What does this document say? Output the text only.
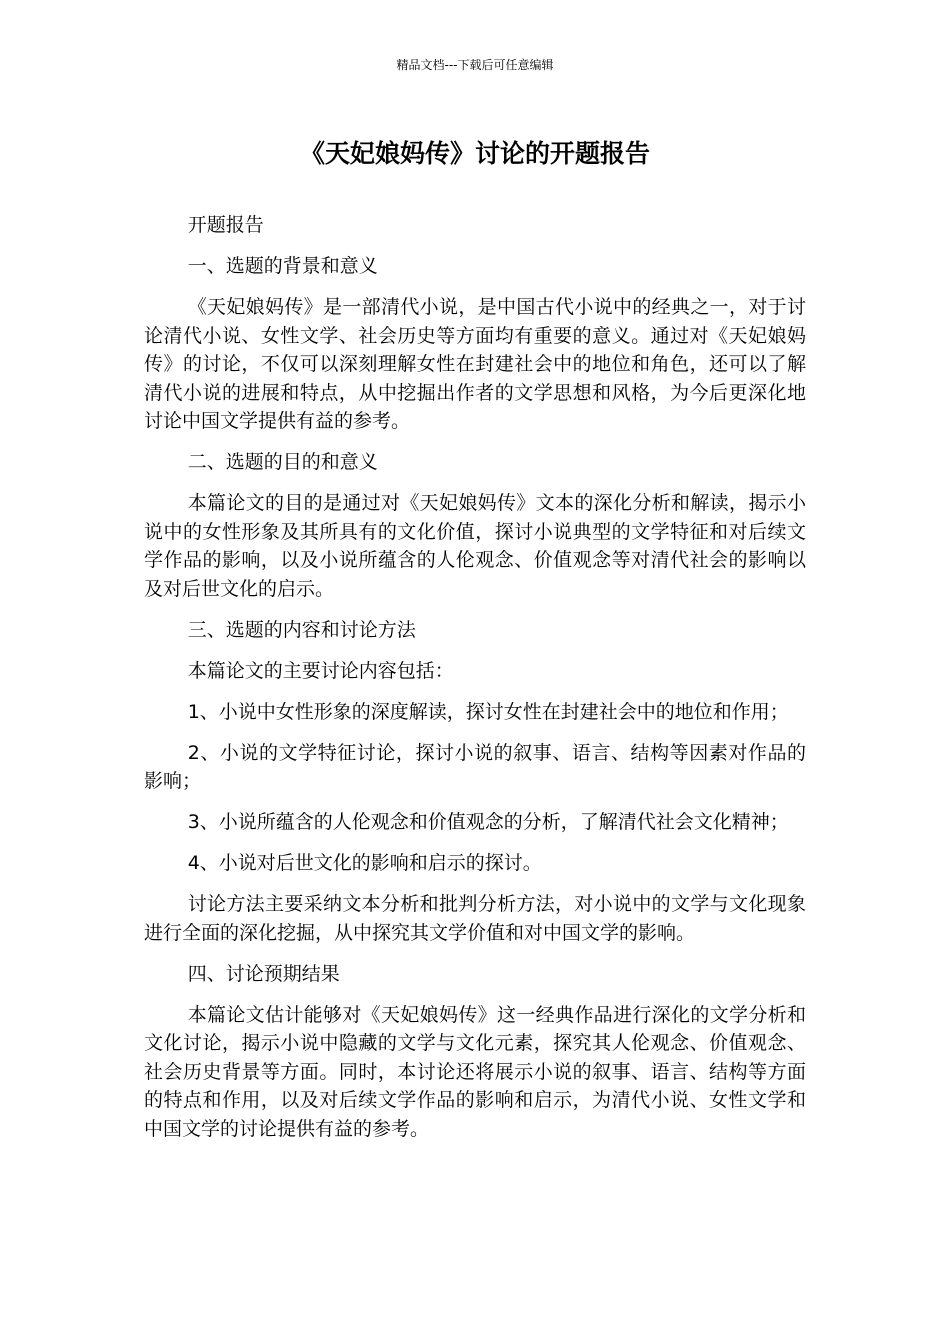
精品文档---下载后可任意编辑
《天妃娘妈传》讨论的开题报告

开题报告

一、选题的背景和意义

《天妃娘妈传》是一部清代小说，是中国古代小说中的经典之一，对于讨论清代小说、女性文学、社会历史等方面均有重要的意义。通过对《天妃娘妈传》的讨论，不仅可以深刻理解女性在封建社会中的地位和角色，还可以了解清代小说的进展和特点，从中挖掘出作者的文学思想和风格，为今后更深化地讨论中国文学提供有益的参考。

二、选题的目的和意义

本篇论文的目的是通过对《天妃娘妈传》文本的深化分析和解读，揭示小说中的女性形象及其所具有的文化价值，探讨小说典型的文学特征和对后续文学作品的影响，以及小说所蕴含的人伦观念、价值观念等对清代社会的影响以及对后世文化的启示。

三、选题的内容和讨论方法

本篇论文的主要讨论内容包括：

1、小说中女性形象的深度解读，探讨女性在封建社会中的地位和作用；

2、小说的文学特征讨论，探讨小说的叙事、语言、结构等因素对作品的影响；

3、小说所蕴含的人伦观念和价值观念的分析，了解清代社会文化精神；

4、小说对后世文化的影响和启示的探讨。

讨论方法主要采纳文本分析和批判分析方法，对小说中的文学与文化现象进行全面的深化挖掘，从中探究其文学价值和对中国文学的影响。

四、讨论预期结果

本篇论文估计能够对《天妃娘妈传》这一经典作品进行深化的文学分析和文化讨论，揭示小说中隐藏的文学与文化元素，探究其人伦观念、价值观念、社会历史背景等方面。同时，本讨论还将展示小说的叙事、语言、结构等方面的特点和作用，以及对后续文学作品的影响和启示，为清代小说、女性文学和中国文学的讨论提供有益的参考。
